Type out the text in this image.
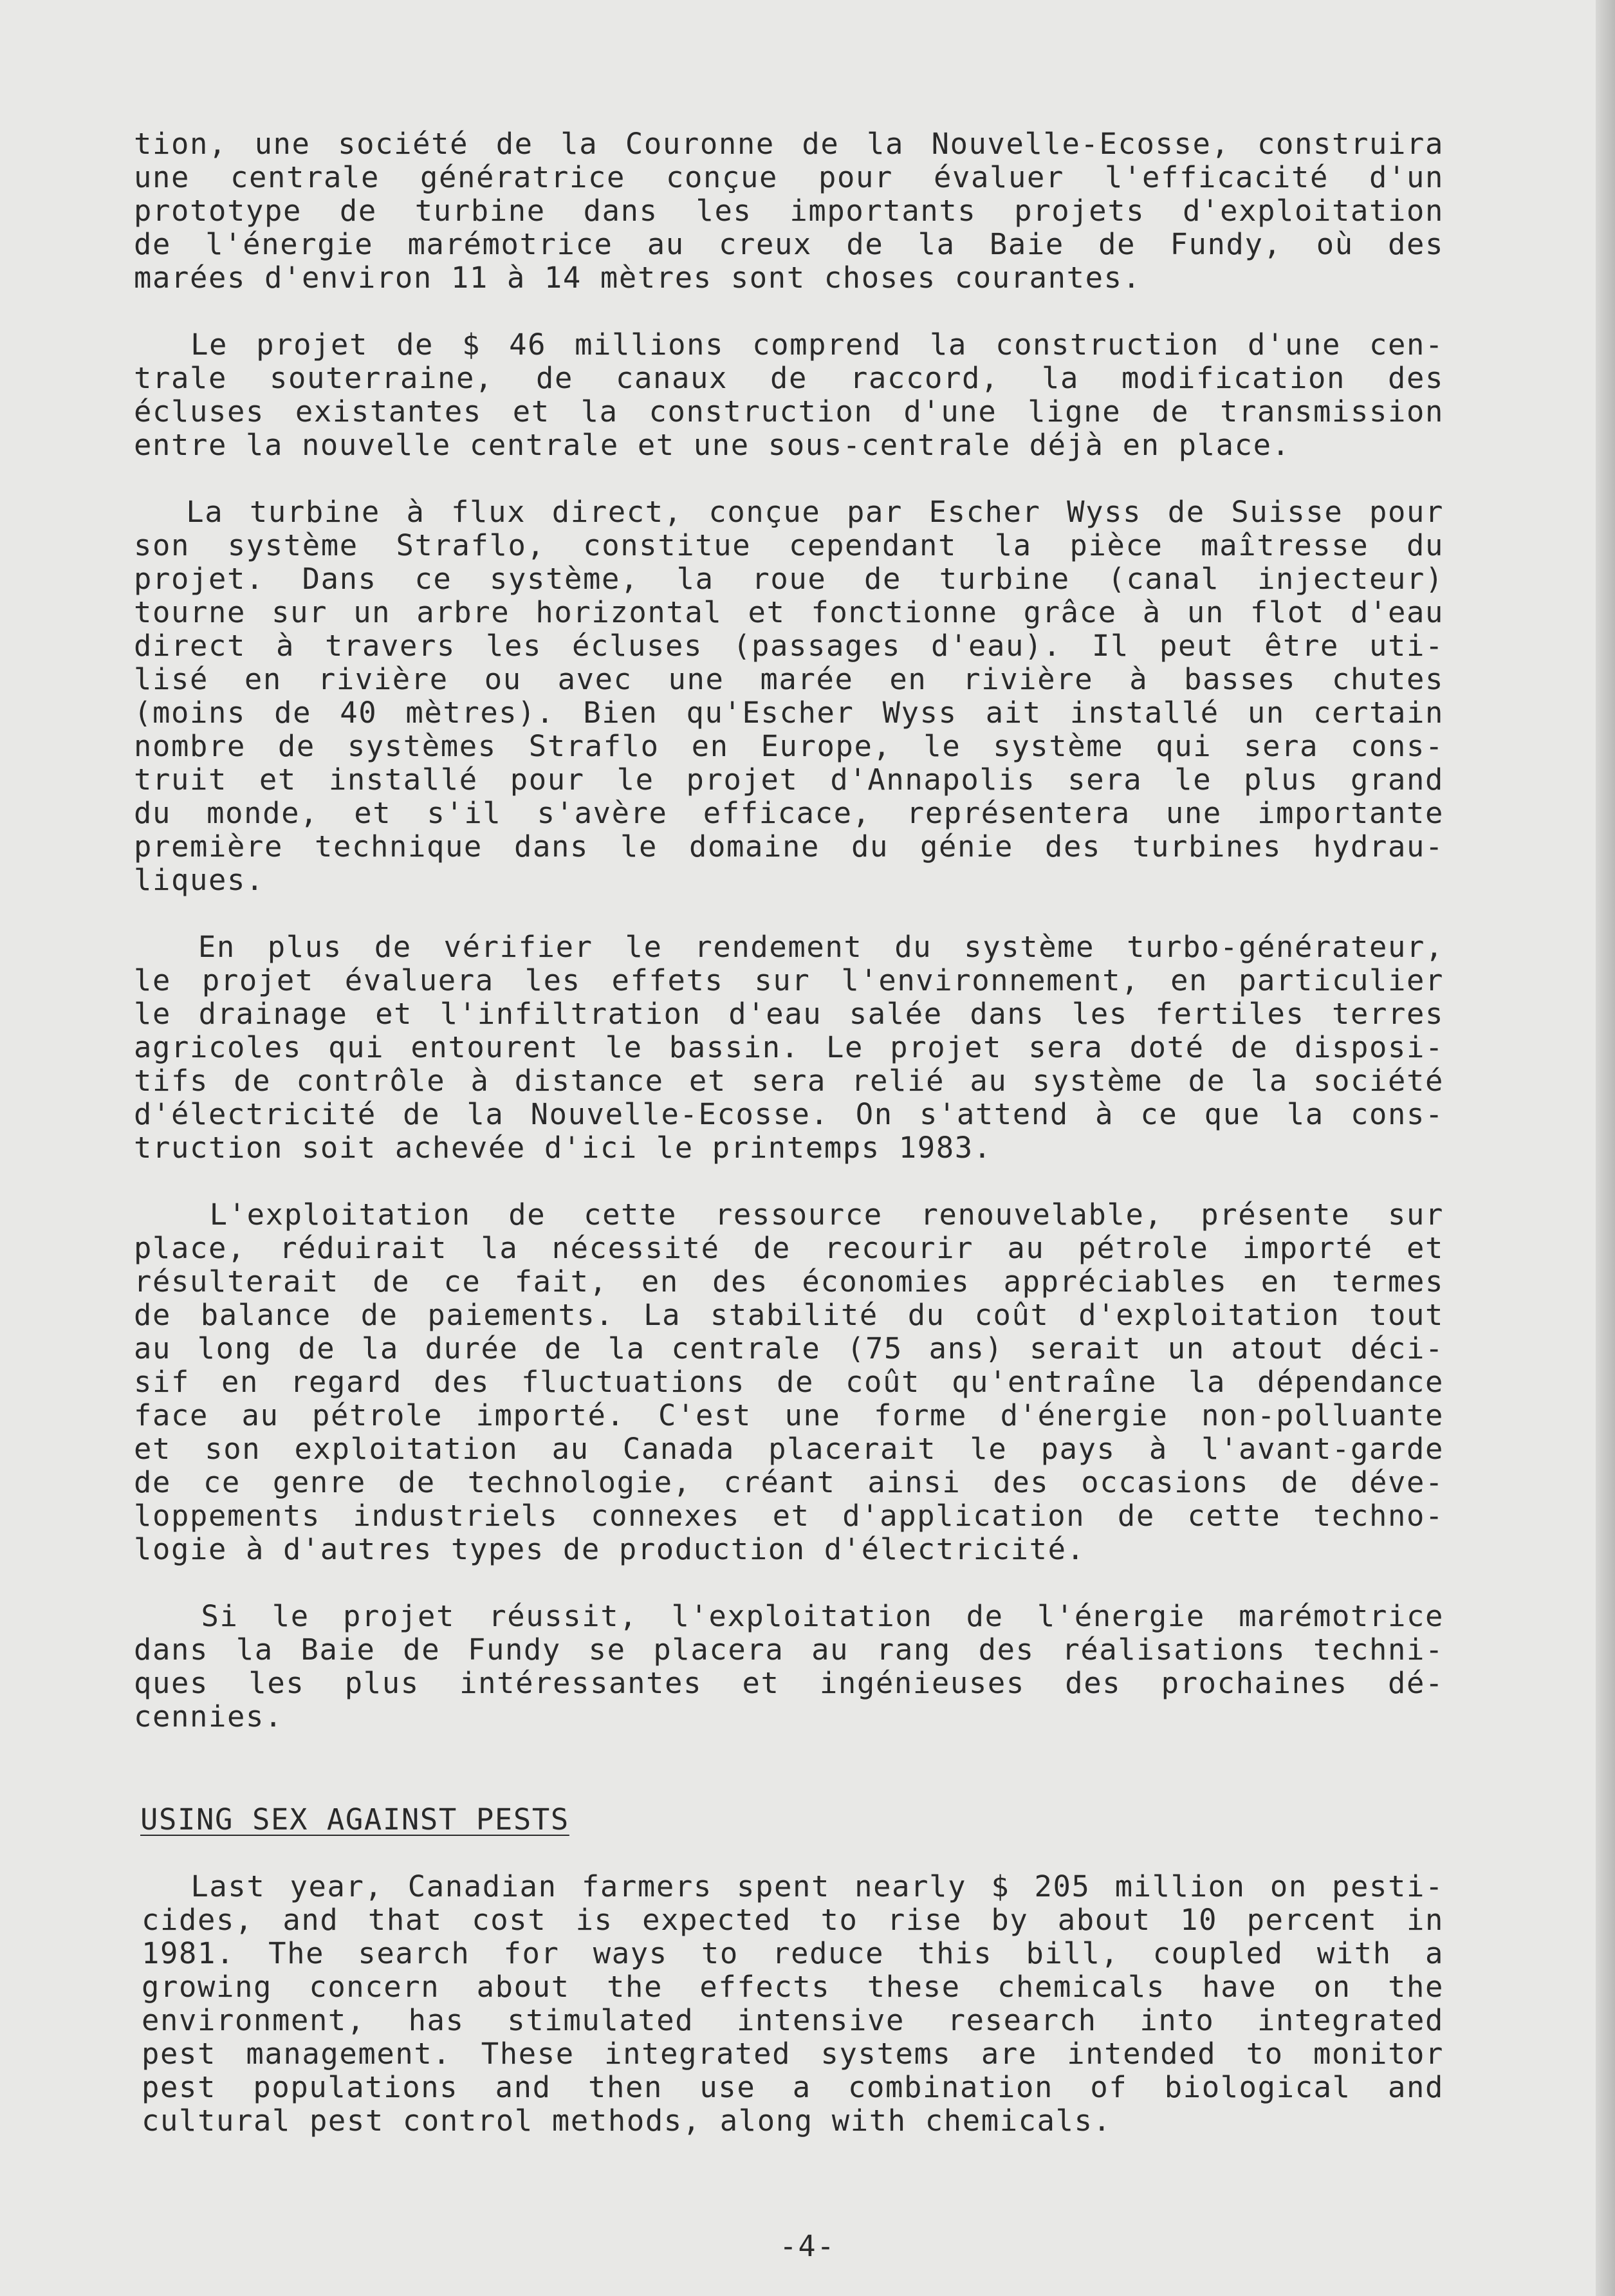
tion, une société de la Couronne de la Nouvelle-Ecosse, construira
une centrale génératrice conçue pour évaluer l'efficacité d'un
prototype de turbine dans les importants projets d'exploitation
de l'énergie marémotrice au creux de la Baie de Fundy, où des
marées d'environ 11 à 14 mètres sont choses courantes.
Le projet de $ 46 millions comprend la construction d'une cen-
trale souterraine, de canaux de raccord, la modification des
écluses existantes et la construction d'une ligne de transmission
entre la nouvelle centrale et une sous-centrale déjà en place.
La turbine à flux direct, conçue par Escher Wyss de Suisse pour
son système Straflo, constitue cependant la pièce maîtresse du
projet. Dans ce système, la roue de turbine (canal injecteur)
tourne sur un arbre horizontal et fonctionne grâce à un flot d'eau
direct à travers les écluses (passages d'eau). Il peut être uti-
lisé en rivière ou avec une marée en rivière à basses chutes
(moins de 40 mètres). Bien qu'Escher Wyss ait installé un certain
nombre de systèmes Straflo en Europe, le système qui sera cons-
truit et installé pour le projet d'Annapolis sera le plus grand
du monde, et s'il s'avère efficace, représentera une importante
première technique dans le domaine du génie des turbines hydrau-
liques.
En plus de vérifier le rendement du système turbo-générateur,
le projet évaluera les effets sur l'environnement, en particulier
le drainage et l'infiltration d'eau salée dans les fertiles terres
agricoles qui entourent le bassin. Le projet sera doté de disposi-
tifs de contrôle à distance et sera relié au système de la société
d'électricité de la Nouvelle-Ecosse. On s'attend à ce que la cons-
truction soit achevée d'ici le printemps 1983.
L'exploitation de cette ressource renouvelable, présente sur
place, réduirait la nécessité de recourir au pétrole importé et
résulterait de ce fait, en des économies appréciables en termes
de balance de paiements. La stabilité du coût d'exploitation tout
au long de la durée de la centrale (75 ans) serait un atout déci-
sif en regard des fluctuations de coût qu'entraîne la dépendance
face au pétrole importé. C'est une forme d'énergie non-polluante
et son exploitation au Canada placerait le pays à l'avant-garde
de ce genre de technologie, créant ainsi des occasions de déve-
loppements industriels connexes et d'application de cette techno-
logie à d'autres types de production d'électricité.
Si le projet réussit, l'exploitation de l'énergie marémotrice
dans la Baie de Fundy se placera au rang des réalisations techni-
ques les plus intéressantes et ingénieuses des prochaines dé-
cennies.
USING SEX AGAINST PESTS
Last year, Canadian farmers spent nearly $ 205 million on pesti-
cides, and that cost is expected to rise by about 10 percent in
1981. The search for ways to reduce this bill, coupled with a
growing concern about the effects these chemicals have on the
environment, has stimulated intensive research into integrated
pest management. These integrated systems are intended to monitor
pest populations and then use a combination of biological and
cultural pest control methods, along with chemicals.
-4-
